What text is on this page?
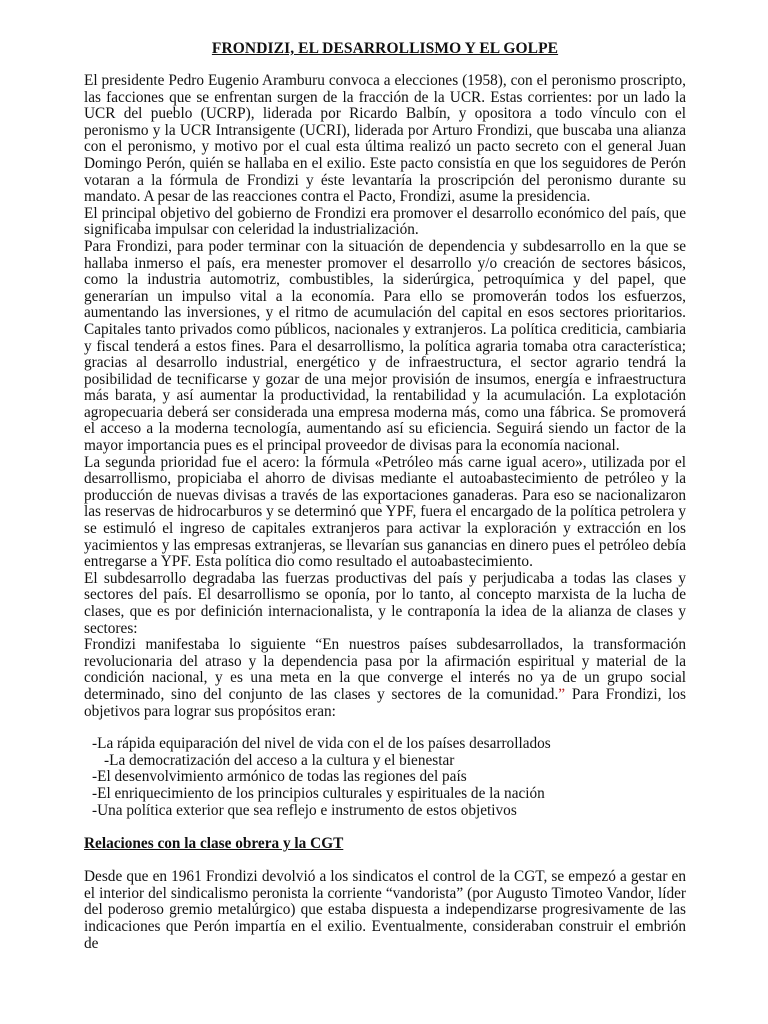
FRONDIZI, EL DESARROLLISMO Y EL GOLPE

El presidente Pedro Eugenio Aramburu convoca a elecciones (1958), con el peronismo proscripto, las facciones que se enfrentan surgen de la fracción de la UCR. Estas corrientes: por un lado la UCR del pueblo (UCRP), liderada por Ricardo Balbín, y opositora a todo vínculo con el peronismo y la UCR Intransigente (UCRI), liderada por Arturo Frondizi, que buscaba una alianza con el peronismo, y motivo por el cual esta última realizó un pacto secreto con el general Juan Domingo Perón, quién se hallaba en el exilio. Este pacto consistía en que los seguidores de Perón votaran a la fórmula de Frondizi y éste levantaría la proscripción del peronismo durante su mandato. A pesar de las reacciones contra el Pacto, Frondizi, asume la presidencia.

El principal objetivo del gobierno de Frondizi era promover el desarrollo económico del país, que significaba impulsar con celeridad la industrialización.

Para Frondizi, para poder terminar con la situación de dependencia y subdesarrollo en la que se hallaba inmerso el país, era menester promover el desarrollo y/o creación de sectores básicos, como la industria automotriz, combustibles, la siderúrgica, petroquímica y del papel, que generarían un impulso vital a la economía. Para ello se promoverán todos los esfuerzos, aumentando las inversiones, y el ritmo de acumulación del capital en esos sectores prioritarios. Capitales tanto privados como públicos, nacionales y extranjeros. La política crediticia, cambiaria y fiscal tenderá a estos fines. Para el desarrollismo, la política agraria tomaba otra característica; gracias al desarrollo industrial, energético y de infraestructura, el sector agrario tendrá la posibilidad de tecnificarse y gozar de una mejor provisión de insumos, energía e infraestructura más barata, y así aumentar la productividad, la rentabilidad y la acumulación. La explotación agropecuaria deberá ser considerada una empresa moderna más, como una fábrica. Se promoverá el acceso a la moderna tecnología, aumentando así su eficiencia. Seguirá siendo un factor de la mayor importancia pues es el principal proveedor de divisas para la economía nacional.

La segunda prioridad fue el acero: la fórmula «Petróleo más carne igual acero», utilizada por el desarrollismo, propiciaba el ahorro de divisas mediante el autoabastecimiento de petróleo y la producción de nuevas divisas a través de las exportaciones ganaderas. Para eso se nacionalizaron las reservas de hidrocarburos y se determinó que YPF, fuera el encargado de la política petrolera y se estimuló el ingreso de capitales extranjeros para activar la exploración y extracción en los yacimientos y las empresas extranjeras, se llevarían sus ganancias en dinero pues el petróleo debía entregarse a YPF. Esta política dio como resultado el autoabastecimiento.

El subdesarrollo degradaba las fuerzas productivas del país y perjudicaba a todas las clases y sectores del país. El desarrollismo se oponía, por lo tanto, al concepto marxista de la lucha de clases, que es por definición internacionalista, y le contraponía la idea de la alianza de clases y sectores:

Frondizi manifestaba lo siguiente “En nuestros países subdesarrollados, la transformación revolucionaria del atraso y la dependencia pasa por la afirmación espiritual y material de la condición nacional, y es una meta en la que converge el interés no ya de un grupo social determinado, sino del conjunto de las clases y sectores de la comunidad.” Para Frondizi, los objetivos para lograr sus propósitos eran:

-La rápida equiparación del nivel de vida con el de los países desarrollados
-La democratización del acceso a la cultura y el bienestar
-El desenvolvimiento armónico de todas las regiones del país
-El enriquecimiento de los principios culturales y espirituales de la nación
-Una política exterior que sea reflejo e instrumento de estos objetivos
Relaciones con la clase obrera y la CGT

Desde que en 1961 Frondizi devolvió a los sindicatos el control de la CGT, se empezó a gestar en el interior del sindicalismo peronista la corriente “vandorista” (por Augusto Timoteo Vandor, líder del poderoso gremio metalúrgico) que estaba dispuesta a independizarse progresivamente de las indicaciones que Perón impartía en el exilio. Eventualmente, consideraban construir el embrión de
